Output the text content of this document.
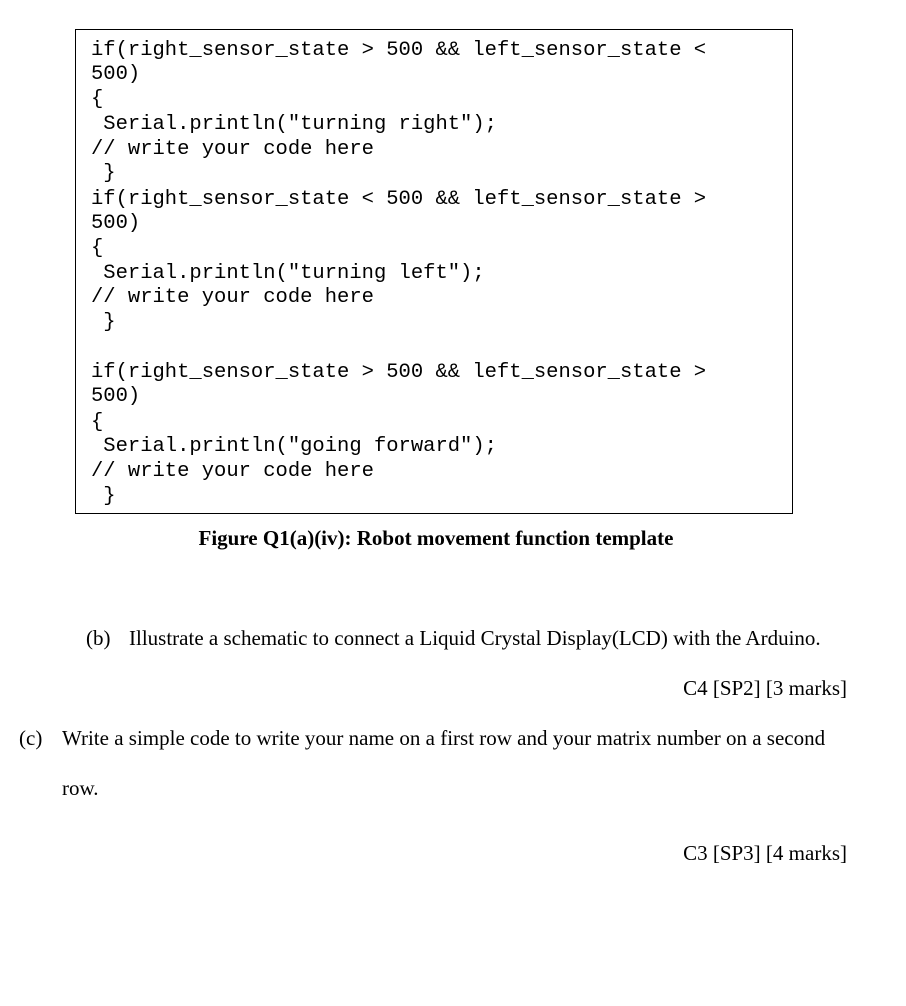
if(right_sensor_state > 500 && left_sensor_state <
500)
{
Serial.println("turning right");
// write your code here
}
if(right_sensor_state < 500 && left_sensor_state >
500)
{
Serial.println("turning left");
// write your code here
}
if(right_sensor_state > 500 && left_sensor_state >
500)
{
Serial.println("going forward");
// write your code here
}
Figure Q1(a)(iv): Robot movement function template
(b) Illustrate a schematic to connect a Liquid Crystal Display(LCD) with the Arduino.
C4 [SP2] [3 marks]
(c) Write a simple code to write your name on a first row and your matrix number on a second
row.
C3 [SP3] [4 marks]
